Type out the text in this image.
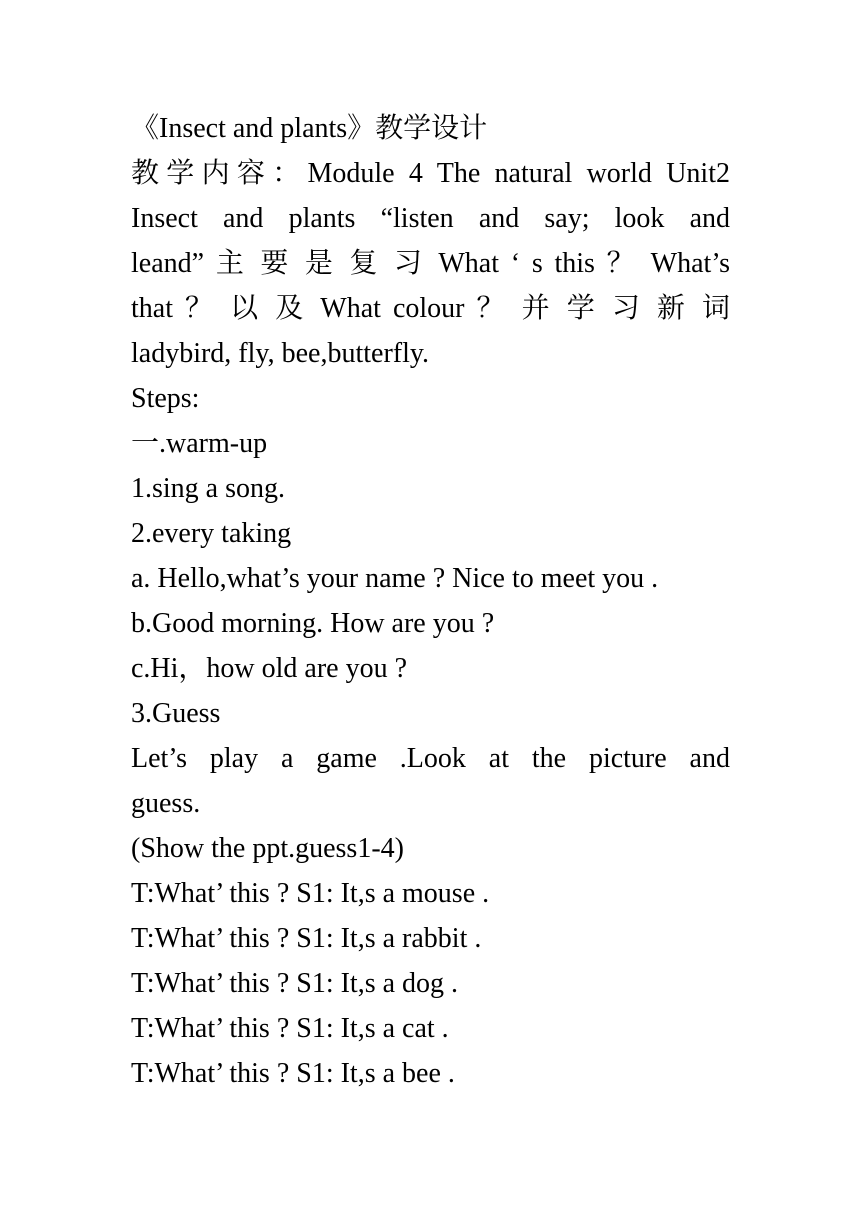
《Insect and plants》教学设计
教学内容：Module 4 The natural world Unit2
Insect and plants “listen and say; look and
leand” 主 要 是 复 习 What ‘ s this ？ What’s
that ？ 以 及 What colour ？ 并 学 习 新 词
ladybird, fly, bee,butterfly.
Steps:
一.warm-up
1.sing a song.
2.every taking
a. Hello,what’s your name ? Nice to meet you .
b.Good morning. How are you ?
c.Hi，how old are you ?
3.Guess
Let’s play a game .Look at the picture and
guess.
(Show the ppt.guess1-4)
T:What’ this ? S1: It,s a mouse .
T:What’ this ? S1: It,s a rabbit .
T:What’ this ? S1: It,s a dog .
T:What’ this ? S1: It,s a cat .
T:What’ this ? S1: It,s a bee .
